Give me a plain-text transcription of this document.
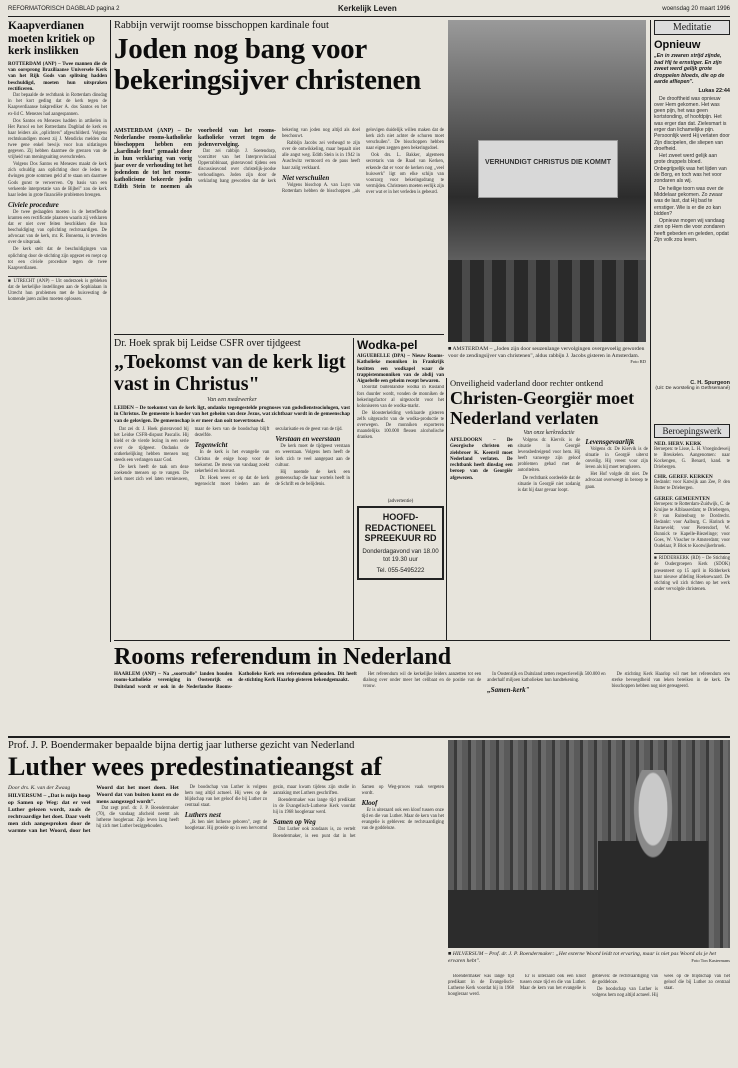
REFORMATORISCH DAGBLAD pagina 2	Kerkelijk Leven	woensdag 20 maart 1996
Kaapverdianen moeten kritiek op kerk inslikken
ROTTERDAM (ANP) – Twee mannen die de van oorsprong Braziliaanse Universele Kerk van het Rijk Gods van splitsing hadden beschuldigd, moeten hun uitspraken rectificeren.

Dat bepaalde de rechtbank in Rotterdam dinsdag in het kort geding dat de kerk tegen de Kaapverdiaanse bakprediker A. dos Santos en het ex-lid C. Menezes had aangespannen.

Dos Santos en Menezes hadden in artikelen in Het Parool en het Rotterdams Dagblad de kerk en haar leiders als „oplichters" afgeschilderd. Volgens rechtskundigen moest zij J. Mendicks melden dat twee gene enkel bewijs voor hun uitlatingen gegeven. Zij hebben daarmee de grenzen van de vrijheid van meningsuiting overschreden.

Volgens Dos Santos en Menezes maakt de kerk zich schuldig aan oplichting door de leden te dwingen grote sommen geld af te staan om daarmee Gods gunst te verwerven. Op basis van een verkeerde interpretatie van de Bijbel" zou de kerk haar leden in grote financiële problemen brengen.

Civiele procedure

De twee gedaagden moeten in de betreffende kranten een rectificatie plaatsen waarin zij verklaren dat er niet over feiten beschikken die hun beschuldiging van oplichting rechtvaardigen. De advocaat van de kerk, mr. R. Bonsema, is tevreden over de uitspraak.

De kerk stelt dat de beschuldigingen van oplichting door de stichting zijn opgezet en roept op tot een civiele procedure tegen de twee Kaapverdianen.

■ UTRECHT (ANP) – Uit onderzoek is gebleken dat de kerkelijke instellingen aan de Sophialaan in Utrecht hun problemen met de huisvesting de komende jaren zullen moeten oplossen.

Rabbijn verwijt roomse bisschoppen kardinale fout
Joden nog bang voor bekeringsijver christenen
AMSTERDAM (ANP) – De Nederlandse rooms-katholieke bisschoppen hebben een „kardinale fout" gemaakt door in hun verklaring van vorig jaar over de verhouding tot het jodendom de tot het rooms-katholicisme bekeerde jodin Edith Stein te noemen als voorbeeld van het rooms-katholieke verzet tegen de jodenvervolging.

Dat zei rabbijn J. Soetendorp, voorzitter van het Interprovinciaal Opperrabbinaat, gisteravond tijdens een discussieavond over christelijk-joodse verhoudingen. Joden zijn door de verklaring bang geworden dat de kerk bekering van joden nog altijd als doel beschouwt.

Rabbijn Jacobs zei verheugd te zijn over de ontwikkeling, maar bepaalt niet alle angst weg. Edith Stein is in 1942 in Auschwitz vermoord en de paus heeft haar zalig verklaard.

Niet verschuilen

Volgens bisschop A. van Luyn van Rotterdam hebben de bisschoppen ,,als gelovigen duidelijk willen maken dat de kerk zich niet achter de schuren moet verschuilen". De bisschoppen hebben naar eigen zeggen geen bekeringsdoel.

Ook drs. L. Bakker, algemeen secretaris van de Raad van Kerken, erkende dat er voor de kerken nog ,,veel huiswerk" ligt om elke schijn van voorzorg voor bekeringsdrang te vermijden. Christenen moeten eerlijk zijn over wat er in het verleden is gebeurd.

VERHUNDIGT CHRISTUS DIE KOMMT
■ AMSTERDAM – „Joden zijn door seuzenlange vervolgingen overgevoelig geworden voor de zendingsijver van christenen", aldus rabbijn J. Jacobs gisteren in Amsterdam.
Foto RD
Meditatie
Opnieuw
„En in zwaren strijd zijnde, bad Hij te ernstiger. En zijn zweet werd gelijk grote droppelen bloeds, die op de aarde afliepen".
Lukas 22:44

De drooftheid was opnieuw over Hem gekomen. Het was geen pijn, het was geen kortstonding, of hoofdpijn. Het was erger dan dat. Zielesmart is erger dan lichamelijke pijn. Persoonlijk werd Hij verlaten door Zijn discipelen, die sliepen van droefheid.

Het zweet werd gelijk aan grote druppels bloed. Onbegrijpelijk was het lijden van de Borg, en toch was het voor zondaren als wij.

De heilige toorn was over de Middelaar gekomen. Zo zwaar was de last, dat Hij bad te ernstiger. Wie is er die zo kan bidden?

Opnieuw mogen wij vandaag zien op Hem die voor zondaren heeft gebeden en geleden, opdat Zijn volk zou leven.

C. H. Spurgeon
(Uit: De worsteling in Gethsemané)
Beroepingswerk
NED. HERV. KERK
Beroepen: te Lisse, L. H. Vroegindeweij te Breukelen. Aangenomen: naar Kockengen, G. Benard, kand. te Driebergen.
CHR. GEREF. KERKEN
Bedankt: voor Katwijk aan Zee, P. den Butter te Driebergen.
GEREF. GEMEENTEN
Beroepen: te Rotterdam-Zuidwijk, C. de Kruijne te Alblasserdam; te Driebergen, P. van Ruitenburg te Dordrecht. Bedankt: voor Aalburg, C. Harinck te Barneveld; voor Pietersdorf, W. Bunnick te Kapelle-Biezelinge; voor Goes, W. Visscher te Amsterdam; voor Oudelaar, P. Blok te Kootwijkerbroek.
■ RIDDERKERK (RD) – De Stichting de Oudergroepen Kerk (SDOK) presenteert op 15 april in Ridderkerk haar nieuwe afdeling Hoeksewaard. De stichting wil zich richten op het werk onder vervolgde christenen.
Dr. Hoek sprak bij Leidse CSFR over tijdgeest
„Toekomst van de kerk ligt vast in Christus"
Van een medewerker
LEIDEN – De toekomst van de kerk ligt, ondanks tegengestelde prognoses van godsdienstsociologen, vast in Christus. De gemeente is hoeder van het geheim van deze Jezus, wat zichtbaar wordt in de gemeenschap van de gelovigen. De gemeenschap is er meer dan ooit toevertrouwd.

Dat zei dr. J. Hoek gisteravond bij het Leidse CSFR-dispuut Pascalis. Hij hield er de vierde lezing in een serie over de tijdgeest. Ondanks de ontkerkelijking hebben mensen nog steeds een verlangen naar God.

De kerk heeft de taak om deze zoekende mensen op te vangen. De kerk moet zich wel laten vernieuwen, maar de kern van de boodschap blijft dezelfde.

Tegenwicht

In de kerk is het evangelie van Christus de enige hoop voor de toekomst. De mens van vandaag zoekt zekerheid en houvast.

Dr. Hoek wees er op dat de kerk tegenwicht moet bieden aan de secularisatie en de geest van de tijd.

Verstaan en weerstaan

De kerk moet de tijdgeest verstaan en weerstaan. Volgens hem heeft de kerk zich te veel aangepast aan de cultuur.

Hij noemde de kerk een gemeenschap die haar wortels heeft in de Schrift en de belijdenis.

Wodka-pel
AIGUEBELLE (DPA) – Nieuw Rooms-Katholieke monniken in Frankrijk bezitten een wodkapel waar de trappistenmonniken van de abdij van Aiguebelle een geheim recept bewaren.

Doordat buitenlandse wodka in Rusland fors duurder wordt, vonden de monniken de bekeringsfactor al uitgezocht voor het koloniseren van de wodka-markt.

De kloosterkelding verklaarde gisteren zelfs uitgezocht van de wodka-productie te overwegen. De monniken exporteren maandelijks 100.000 flessen alcoholische dranken.

(advertentie)
HOOFD-REDACTIONEEL SPREEKUUR RD
Donderdagavond van 18.00 tot 19.30 uur
Tel. 055-5495222
Onveiligheid vaderland door rechter ontkend
Christen-Georgiër moet Nederland verlaten
Van onze kerkredactie
APELDOORN – De Georgische christen en zielsbroer K. Keenvil moet Nederland verlaten. De rechtbank heeft dinsdag een beroep van de Georgiër afgewezen.

Volgens dr. Kiervik is de situatie in Georgië levensbedreigend voor hem. Hij heeft vanwege zijn geloof problemen gehad met de autoriteiten.

De rechtbank oordeelde dat de situatie in Georgië niet zodanig is dat hij daar gevaar loopt.

Levensgevaarlijk

Volgens dr. De Kiervik is de situatie in Georgië uiterst onveilig. Hij vreest voor zijn leven als hij moet terugkeren.

Het Hof volgde dit niet. De advocaat overweegt in beroep te gaan.

Rooms referendum in Nederland
HAARLEM (ANP) – Na „soortvalle" landen houden rooms-katholieke vereniging in Oostenrijk en Duitsland wordt er ook in de Nederlandse Rooms-Katholieke Kerk een referendum gehouden. Dit heeft de stichting Kerk Haarlop gisteren bekendgemaakt.

Het referendum wil de kerkelijke leiders aanzetten tot een dialoog over onder meer het celibaat en de positie van de vrouw.

In Oostenrijk en Duitsland zetten respectievelijk 500.000 en anderhalf miljoen katholieken hun handtekening.

„Samen-kerk"

De stichting Kerk Haarlop wil met het referendum een sterke bevoegdheid van leken bereiken in de kerk. De bisschoppen hebben nog niet gereageerd.

Prof. J. P. Boendermaker bepaalde bijna dertig jaar lutherse gezicht van Nederland
Luther wees predestinatieangst af
Door drs. K. van der Zwaag
HILVERSUM – „Dat is mijn hoop op Samen op Weg: dat er veel Luther gelezen wordt, zoals de rechtvaardige het doet. Daar voelt men zich aangesproken door de warmte van het Woord, door het Woord dat het moet doen. Het Woord dat van buiten komt en de mens aangezegd wordt".

Dat zegt prof. dr. J. P. Boendermaker (70), die vandaag afscheid neemt als lutherse hoogleraar. Zijn leven lang heeft hij zich met Luther beziggehouden.

De boodschap van Luther is volgens hem nog altijd actueel. Hij wees op de blijdschap van het geloof die bij Luther zo centraal staat.

Luthers nest

„Ik ben niet lutherse geboren", zegt de hoogleraar. Hij groeide op in een hervormd gezin, maar kwam tijdens zijn studie in aanraking met Luthers geschriften.

Boendermaker was lange tijd predikant in de Evangelisch-Lutherse Kerk voordat hij in 1968 hoogleraar werd.

Samen op Weg

Dat Luther ook zondaars is, zo vertelt Boendermaker, is een punt dat in het Samen op Weg-proces vaak vergeten wordt.

Kloof

Er is uiteraard ook een kloof tussen onze tijd en die van Luther. Maar de kern van het evangelie is gebleven: de rechtvaardiging van de goddeloze.

■ HILVERSUM – Prof. dr. J. P. Boendermaker: „Het externe Woord leidt tot ervaring, maar is niet pas Woord als je het ervaren hebt".	Foto Ton Kastermans

Boendermaker was lange tijd predikant in de Evangelisch-Lutherse Kerk voordat hij in 1968 hoogleraar werd.

Er is uiteraard ook een kloof tussen onze tijd en die van Luther. Maar de kern van het evangelie is gebleven: de rechtvaardiging van de goddeloze.

De boodschap van Luther is volgens hem nog altijd actueel. Hij wees op de blijdschap van het geloof die bij Luther zo centraal staat.
